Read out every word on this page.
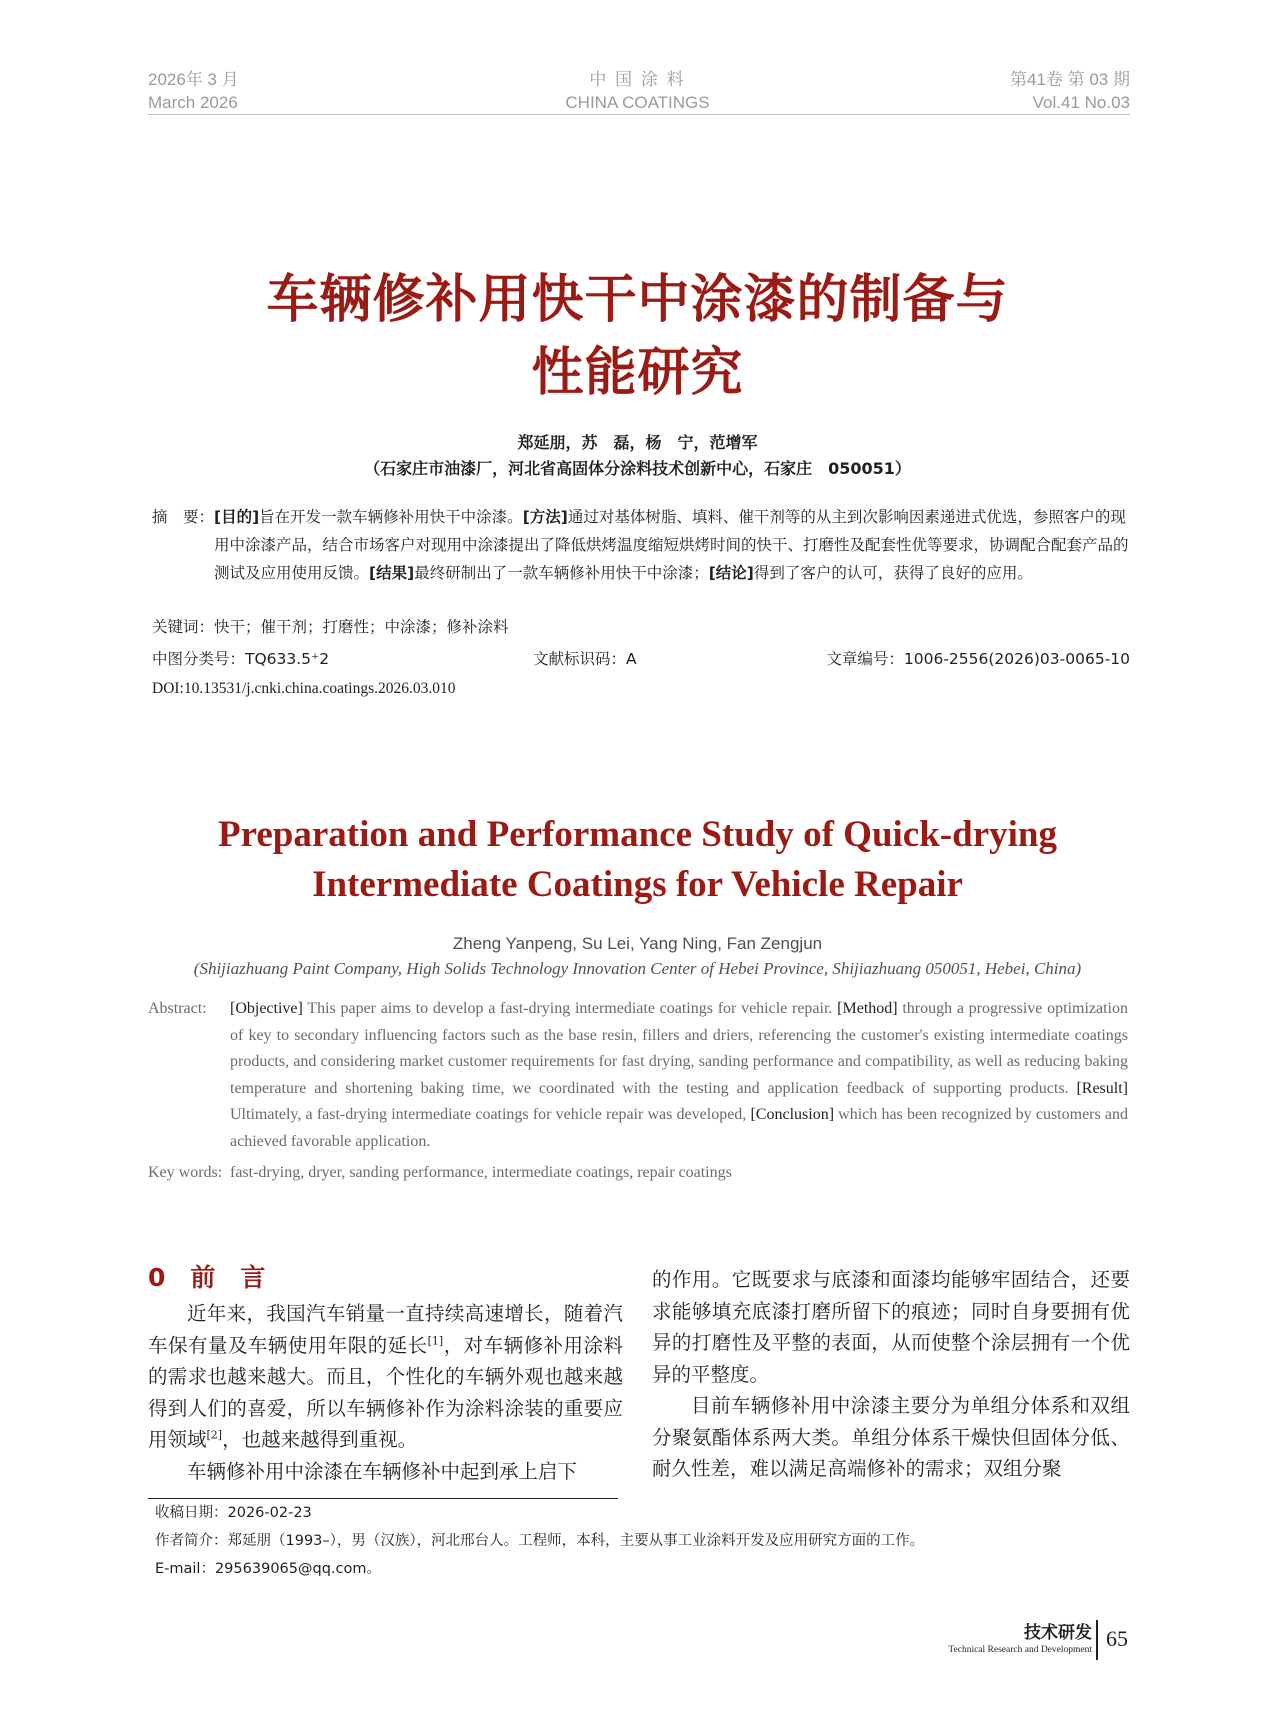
2026年 3 月
March 2026
中 国 涂 料
CHINA COATINGS
第41卷 第 03 期
Vol.41 No.03
车辆修补用快干中涂漆的制备与
性能研究
郑延朋，苏　磊，杨　宁，范增军
（石家庄市油漆厂，河北省高固体分涂料技术创新中心，石家庄　050051）
摘　要： [目的]旨在开发一款车辆修补用快干中涂漆。[方法]通过对基体树脂、填料、催干剂等的从主到次影响因素递进式优选，参照客户的现用中涂漆产品，结合市场客户对现用中涂漆提出了降低烘烤温度缩短烘烤时间的快干、打磨性及配套性优等要求，协调配合配套产品的测试及应用使用反馈。[结果]最终研制出了一款车辆修补用快干中涂漆；[结论]得到了客户的认可，获得了良好的应用。
关键词：快干；催干剂；打磨性；中涂漆；修补涂料
中图分类号：TQ633.5⁺2	文献标识码：A	文章编号：1006-2556(2026)03-0065-10
DOI:10.13531/j.cnki.china.coatings.2026.03.010
Preparation and Performance Study of Quick-drying
Intermediate Coatings for Vehicle Repair
Zheng Yanpeng, Su Lei, Yang Ning, Fan Zengjun
(Shijiazhuang Paint Company, High Solids Technology Innovation Center of Hebei Province, Shijiazhuang 050051, Hebei, China)
Abstract: [Objective] This paper aims to develop a fast-drying intermediate coatings for vehicle repair. [Method] through a progressive optimization of key to secondary influencing factors such as the base resin, fillers and driers, referencing the customer's existing intermediate coatings products, and considering market customer requirements for fast drying, sanding performance and compatibility, as well as reducing baking temperature and shortening baking time, we coordinated with the testing and application feedback of supporting products. [Result] Ultimately, a fast-drying intermediate coatings for vehicle repair was developed, [Conclusion] which has been recognized by customers and achieved favorable application.
Key words: fast-drying, dryer, sanding performance, intermediate coatings, repair coatings
0　前　言

近年来，我国汽车销量一直持续高速增长，随着汽车保有量及车辆使用年限的延长[1]，对车辆修补用涂料的需求也越来越大。而且，个性化的车辆外观也越来越得到人们的喜爱，所以车辆修补作为涂料涂装的重要应用领域[2]，也越来越得到重视。

车辆修补用中涂漆在车辆修补中起到承上启下

的作用。它既要求与底漆和面漆均能够牢固结合，还要求能够填充底漆打磨所留下的痕迹；同时自身要拥有优异的打磨性及平整的表面，从而使整个涂层拥有一个优异的平整度。

目前车辆修补用中涂漆主要分为单组分体系和双组分聚氨酯体系两大类。单组分体系干燥快但固体分低、耐久性差，难以满足高端修补的需求；双组分聚

收稿日期：2026-02-23
作者简介：郑延朋（1993–），男（汉族），河北邢台人。工程师，本科，主要从事工业涂料开发及应用研究方面的工作。
E-mail：295639065@qq.com。
技术研发
Technical Research and Development 65
